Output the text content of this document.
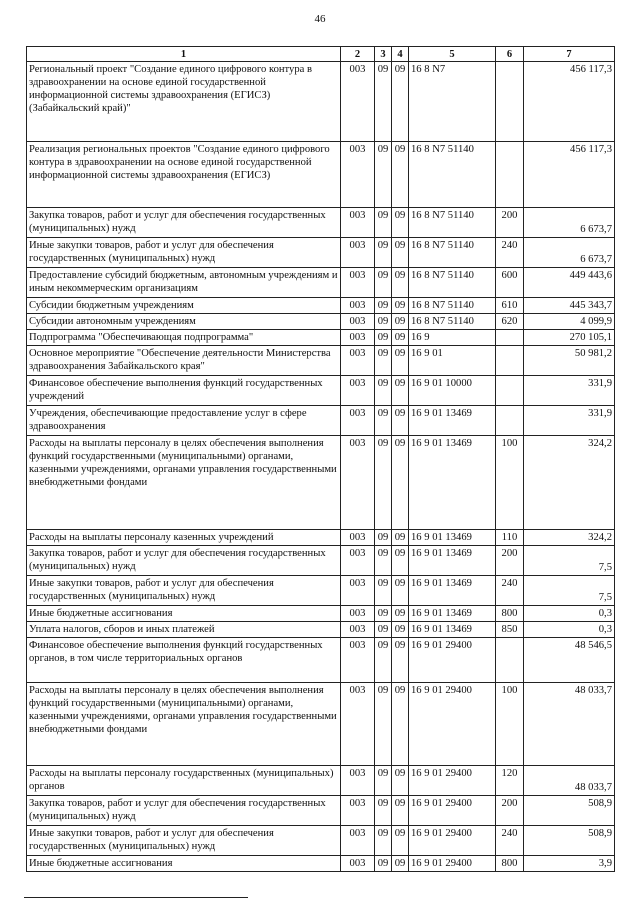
46
1	2	3	4	5	6	7
Региональный проект "Создание единого цифрового контура в здравоохранении на основе единой государственной информационной системы здравоохранения (ЕГИСЗ) (Забайкальский край)"	003	09	09	16 8 N7		456 117,3
Реализация региональных проектов "Создание единого цифрового контура в здравоохранении на основе единой государственной информационной системы здравоохранения (ЕГИСЗ)	003	09	09	16 8 N7 51140		456 117,3
Закупка товаров, работ и услуг для обеспечения государственных (муниципальных) нужд	003	09	09	16 8 N7 51140	200	6 673,7
Иные закупки товаров, работ и услуг для обеспечения государственных (муниципальных) нужд	003	09	09	16 8 N7 51140	240	6 673,7
Предоставление субсидий бюджетным, автономным учреждениям и иным некоммерческим организациям	003	09	09	16 8 N7 51140	600	449 443,6
Субсидии бюджетным учреждениям	003	09	09	16 8 N7 51140	610	445 343,7
Субсидии автономным учреждениям	003	09	09	16 8 N7 51140	620	4 099,9
Подпрограмма "Обеспечивающая подпрограмма"	003	09	09	16 9		270 105,1
Основное мероприятие "Обеспечение деятельности Министерства здравоохранения Забайкальского края"	003	09	09	16 9 01		50 981,2
Финансовое обеспечение выполнения функций государственных учреждений	003	09	09	16 9 01 10000		331,9
Учреждения, обеспечивающие предоставление услуг в сфере здравоохранения	003	09	09	16 9 01 13469		331,9
Расходы на выплаты персоналу в целях обеспечения выполнения функций государственными (муниципальными) органами, казенными учреждениями, органами управления государственными внебюджетными фондами	003	09	09	16 9 01 13469	100	324,2
Расходы на выплаты персоналу казенных учреждений	003	09	09	16 9 01 13469	110	324,2
Закупка товаров, работ и услуг для обеспечения государственных (муниципальных) нужд	003	09	09	16 9 01 13469	200	7,5
Иные закупки товаров, работ и услуг для обеспечения государственных (муниципальных) нужд	003	09	09	16 9 01 13469	240	7,5
Иные бюджетные ассигнования	003	09	09	16 9 01 13469	800	0,3
Уплата налогов, сборов и иных платежей	003	09	09	16 9 01 13469	850	0,3
Финансовое обеспечение выполнения функций государственных органов, в том числе территориальных органов	003	09	09	16 9 01 29400		48 546,5
Расходы на выплаты персоналу в целях обеспечения выполнения функций государственными (муниципальными) органами, казенными учреждениями, органами управления государственными внебюджетными фондами	003	09	09	16 9 01 29400	100	48 033,7
Расходы на выплаты персоналу государственных (муниципальных) органов	003	09	09	16 9 01 29400	120	48 033,7
Закупка товаров, работ и услуг для обеспечения государственных (муниципальных) нужд	003	09	09	16 9 01 29400	200	508,9
Иные закупки товаров, работ и услуг для обеспечения государственных (муниципальных) нужд	003	09	09	16 9 01 29400	240	508,9
Иные бюджетные ассигнования	003	09	09	16 9 01 29400	800	3,9
